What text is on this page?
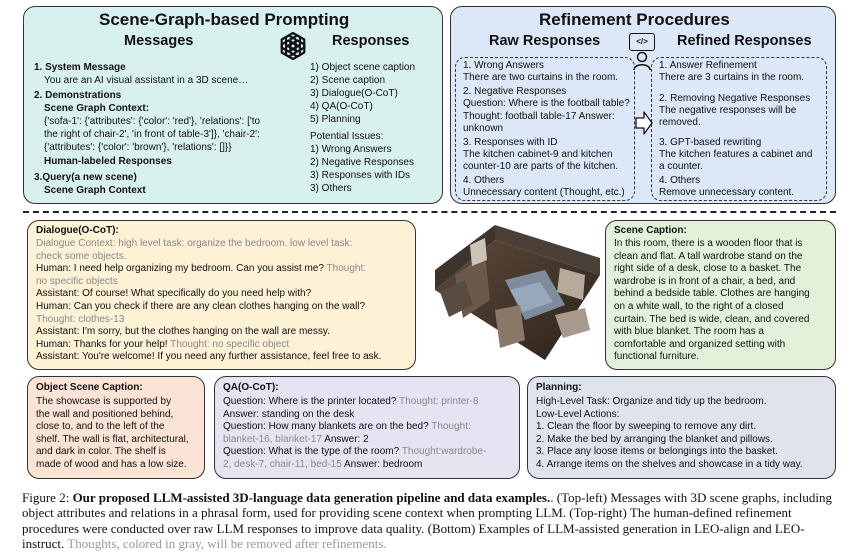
Scene-Graph-based Prompting
Messages	Responses
1. System Message
You are an AI visual assistant in a 3D scene…
2. Demonstrations
Scene Graph Context:
{'sofa-1': {'attributes': {'color': 'red'}, 'relations': ['to
the right of chair-2', 'in front of table-3']}, 'chair-2':
{'attributes': {'color': 'brown'}, 'relations': []}}
Human-labeled Responses
3.Query(a new scene)
Scene Graph Context
1) Object scene caption
2) Scene caption
3) Dialogue(O-CoT)
4) QA(O-CoT)
5) Planning
Potential Issues:
1) Wrong Answers
2) Negative Responses
3) Responses with IDs
3) Others
Refinement Procedures
Raw Responses	Refined Responses
</>
1. Wrong Answers
There are two curtains in the room.
2. Negative Responses
Question: Where is the football table?
Thought: football table-17 Answer:
unknown
3. Responses with ID
The kitchen cabinet-9 and kitchen
counter-10 are parts of the kitchen.
4. Others
Unnecessary content (Thought, etc.)
1. Answer Refinement
There are 3 curtains in the room.
2. Removing Negative Responses
The negative responses will be
removed.
3. GPT-based rewriting
The kitchen features a cabinet and
a counter.
4. Others
Remove unnecessary content.
Dialogue(O-CoT):
Dialogue Context: high level task: organize the bedroom. low level task:
check some objects.
Human: I need help organizing my bedroom. Can you assist me? Thought:
no specific objects
Assistant: Of course! What specifically do you need help with?
Human: Can you check if there are any clean clothes hanging on the wall?
Thought: clothes-13
Assistant: I'm sorry, but the clothes hanging on the wall are messy.
Human: Thanks for your help! Thought: no specific object
Assistant: You're welcome! If you need any further assistance, feel free to ask.
Scene Caption:
In this room, there is a wooden floor that is
clean and flat. A tall wardrobe stand on the
right side of a desk, close to a basket. The
wardrobe is in front of a chair, a bed, and
behind a bedside table. Clothes are hanging
on a white wall, to the right of a closed
curtain. The bed is wide, clean, and covered
with blue blanket. The room has a
comfortable and organized setting with
functional furniture.
Object Scene Caption:
The showcase is supported by
the wall and positioned behind,
close to, and to the left of the
shelf. The wall is flat, architectural,
and dark in color. The shelf is
made of wood and has a low size.
QA(O-CoT):
Question: Where is the printer located? Thought: printer-8
Answer: standing on the desk
Question: How many blankets are on the bed? Thought:
blanket-16, blanket-17 Answer: 2
Question: What is the type of the room? Thought:wardrobe-
2, desk-7, chair-11, bed-15 Answer: bedroom
Planning:
High-Level Task: Organize and tidy up the bedroom.
Low-Level Actions:
1. Clean the floor by sweeping to remove any dirt.
2. Make the bed by arranging the blanket and pillows.
3. Place any loose items or belongings into the basket.
4. Arrange items on the shelves and showcase in a tidy way.
Figure 2: Our proposed LLM-assisted 3D-language data generation pipeline and data examples.. (Top-left) Messages with 3D scene graphs, including object attributes and relations in a phrasal form, used for providing scene context when prompting LLM. (Top-right) The human-defined refinement procedures were conducted over raw LLM responses to improve data quality. (Bottom) Examples of LLM-assisted generation in LEO-align and LEO-instruct. Thoughts, colored in gray, will be removed after refinements.
